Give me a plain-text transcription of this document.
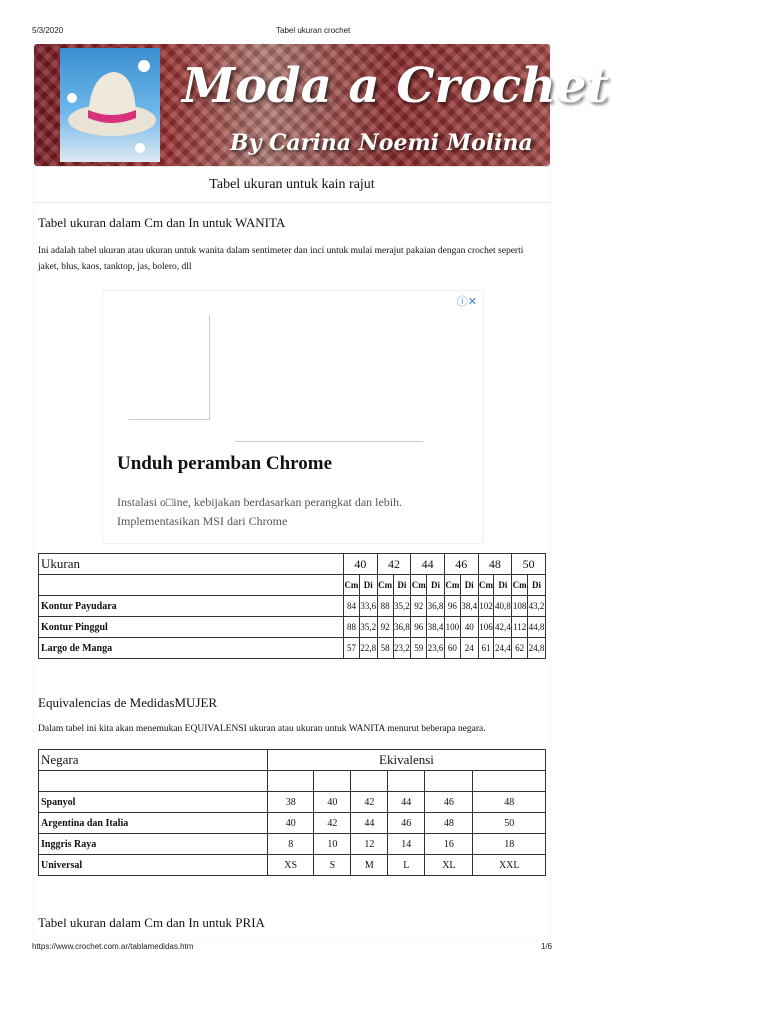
5/3/2020	Tabel ukuran crochet
Moda a Crochet
By Carina Noemi Molina
Tabel ukuran untuk kain rajut
Tabel ukuran dalam Cm dan In untuk WANITA
Ini adalah tabel ukuran atau ukuran untuk wanita dalam sentimeter dan inci untuk mulai merajut pakaian dengan crochet seperti jaket, blus, kaos, tanktop, jas, bolero, dll
ⓘ✕
Unduh peramban Chrome
Instalasi o□ine, kebijakan berdasarkan perangkat dan lebih. Implementasikan MSI dari Chrome
Ukuran	40		42		44		46		48		50	
	Cm	Di	Cm	Di	Cm	Di	Cm	Di	Cm	Di	Cm	Di
Kontur Payudara	84	33,6	88	35,2	92	36,8	96	38,4	102	40,8	108	43,2
Kontur Pinggul	88	35,2	92	36,8	96	38,4	100	40	106	42,4	112	44,8
Largo de Manga	57	22,8	58	23,2	59	23,6	60	24	61	24,4	62	24,8
Equivalencias de MedidasMUJER
Dalam tabel ini kita akan menemukan EQUIVALENSI ukuran atau ukuran untuk WANITA menurut beberapa negara.
Negara	Ekivalensi					

Spanyol	38	40	42	44	46	48
Argentina dan Italia	40	42	44	46	48	50
Inggris Raya	8	10	12	14	16	18
Universal	XS	S	M	L	XL	XXL
Tabel ukuran dalam Cm dan In untuk PRIA
https://www.crochet.com.ar/tablamedidas.htm	1/6
